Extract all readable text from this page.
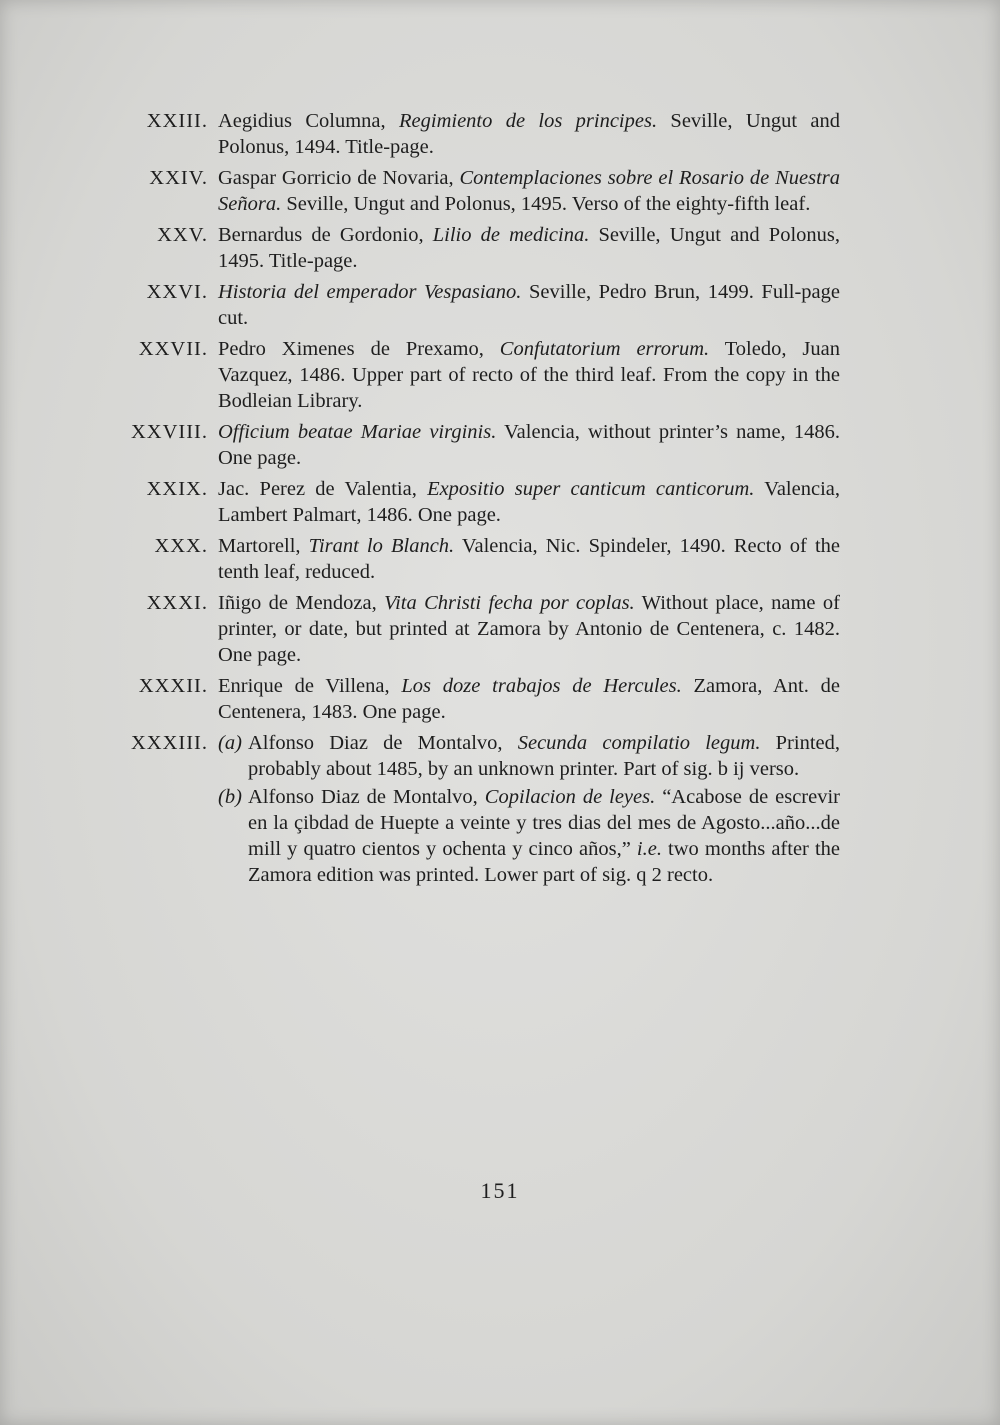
XXIII. Aegidius Columna, Regimiento de los principes. Seville, Ungut and Polonus, 1494. Title-page.
XXIV. Gaspar Gorricio de Novaria, Contemplaciones sobre el Rosario de Nuestra Señora. Seville, Ungut and Polonus, 1495. Verso of the eighty-fifth leaf.
XXV. Bernardus de Gordonio, Lilio de medicina. Seville, Ungut and Polonus, 1495. Title-page.
XXVI. Historia del emperador Vespasiano. Seville, Pedro Brun, 1499. Full-page cut.
XXVII. Pedro Ximenes de Prexamo, Confutatorium errorum. Toledo, Juan Vazquez, 1486. Upper part of recto of the third leaf. From the copy in the Bodleian Library.
XXVIII. Officium beatae Mariae virginis. Valencia, without printer’s name, 1486. One page.
XXIX. Jac. Perez de Valentia, Expositio super canticum canticorum. Valencia, Lambert Palmart, 1486. One page.
XXX. Martorell, Tirant lo Blanch. Valencia, Nic. Spindeler, 1490. Recto of the tenth leaf, reduced.
XXXI. Iñigo de Mendoza, Vita Christi fecha por coplas. Without place, name of printer, or date, but printed at Zamora by Antonio de Centenera, c. 1482. One page.
XXXII. Enrique de Villena, Los doze trabajos de Hercules. Zamora, Ant. de Centenera, 1483. One page.
XXXIII. (a) Alfonso Diaz de Montalvo, Secunda compilatio legum. Printed, probably about 1485, by an unknown printer. Part of sig. b ij verso.
(b) Alfonso Diaz de Montalvo, Copilacion de leyes. “Acabose de escrevir en la çibdad de Huepte a veinte y tres dias del mes de Agosto...año...de mill y quatro cientos y ochenta y cinco años,” i.e. two months after the Zamora edition was printed. Lower part of sig. q 2 recto.
151
